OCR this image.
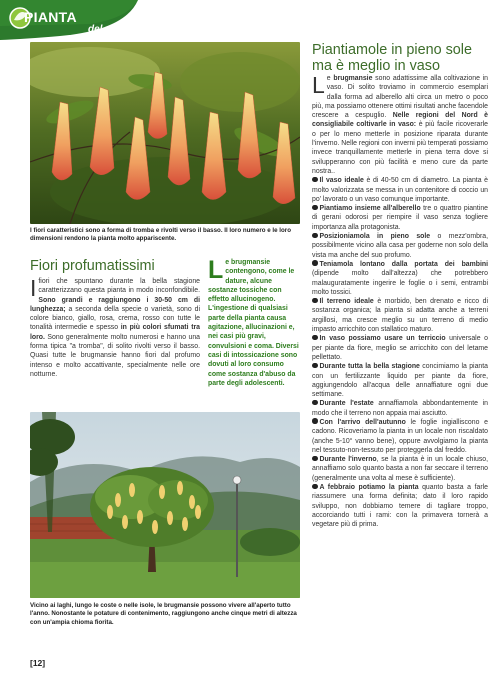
PIANTA
del mese
I fiori caratteristici sono a forma di tromba e rivolti verso il basso. Il loro numero e le loro dimensioni rendono la pianta molto appariscente.
Fiori profumatissimi

Ifiori che spuntano durante la bella stagione caratterizzano questa pianta in modo inconfondibile. Sono grandi e raggiungono i 30-50 cm di lunghezza; a seconda della specie o varietà, sono di colore bianco, giallo, rosa, crema, rosso con tutte le tonalità intermedie e spesso in più colori sfumati tra loro. Sono generalmente molto numerosi e hanno una forma tipica "a tromba", di solito rivolti verso il basso. Quasi tutte le brugmansie hanno fiori dal profumo intenso e molto accattivante, specialmente nelle ore notturne.

Le brugmansie contengono, come le dature, alcune sostanze tossiche con effetto allucinogeno. L'ingestione di qualsiasi parte della pianta causa agitazione, allucinazioni e, nei casi più gravi, convulsioni e coma. Diversi casi di intossicazione sono dovuti al loro consumo come sostanza d'abuso da parte degli adolescenti.

Vicino ai laghi, lungo le coste o nelle isole, le brugmansie possono vivere all'aperto tutto l'anno. Nonostante le potature di contenimento, raggiungono anche cinque metri di altezza con un'ampia chioma fiorita.
Piantiamole in pieno sole
ma è meglio in vaso

Le brugmansie sono adattissime alla coltivazione in vaso. Di solito troviamo in commercio esemplari dalla forma ad alberello alti circa un metro o poco più, ma possiamo ottenere ottimi risultati anche facendole crescere a cespuglio. Nelle regioni del Nord è consigliabile coltivarle in vaso: è più facile ricoverarle o per lo meno metterle in posizione riparata durante l'inverno. Nelle regioni con inverni più temperati possiamo invece tranquillamente metterle in piena terra dove si svilupperanno con più facilità e meno cure da parte nostra..

Il vaso ideale è di 40-50 cm di diametro. La pianta è molto valorizzata se messa in un contenitore di coccio un po' lavorato o un vaso comunque importante.

Piantiamo insieme all'alberello tre o quattro piantine di gerani odorosi per riempire il vaso senza togliere importanza alla protagonista.

Posizioniamola in pieno sole o mezz'ombra, possibilmente vicino alla casa per goderne non solo della vista ma anche del suo profumo.

Teniamola lontano dalla portata dei bambini (dipende molto dall'altezza) che potrebbero malauguratamente ingerire le foglie o i semi, entrambi molto tossici.

Il terreno ideale è morbido, ben drenato e ricco di sostanza organica; la pianta si adatta anche a terreni argillosi, ma cresce meglio su un terreno di medio impasto arricchito con stallatico maturo.

In vaso possiamo usare un terriccio universale o per piante da fiore, meglio se arricchito con del letame pellettato.

Durante tutta la bella stagione concimiamo la pianta con un fertilizzante liquido per piante da fiore, aggiungendolo all'acqua delle annaffiature ogni due settimane.

Durante l'estate annaffiamola abbondantemente in modo che il terreno non appaia mai asciutto.

Con l'arrivo dell'autunno le foglie ingialliscono e cadono. Ricoveriamo la pianta in un locale non riscaldato (anche 5-10° vanno bene), oppure avvolgiamo la pianta nel tessuto-non-tessuto per proteggerla dal freddo.

Durante l'inverno, se la pianta è in un locale chiuso, annaffiamo solo quanto basta a non far seccare il terreno (generalmente una volta al mese è sufficiente).

A febbraio potiamo la pianta quanto basta a farle riassumere una forma definita; dato il loro rapido sviluppo, non dobbiamo temere di tagliare troppo, accorciando tutti i rami: con la primavera tornerà a vegetare più di prima.

[12]
